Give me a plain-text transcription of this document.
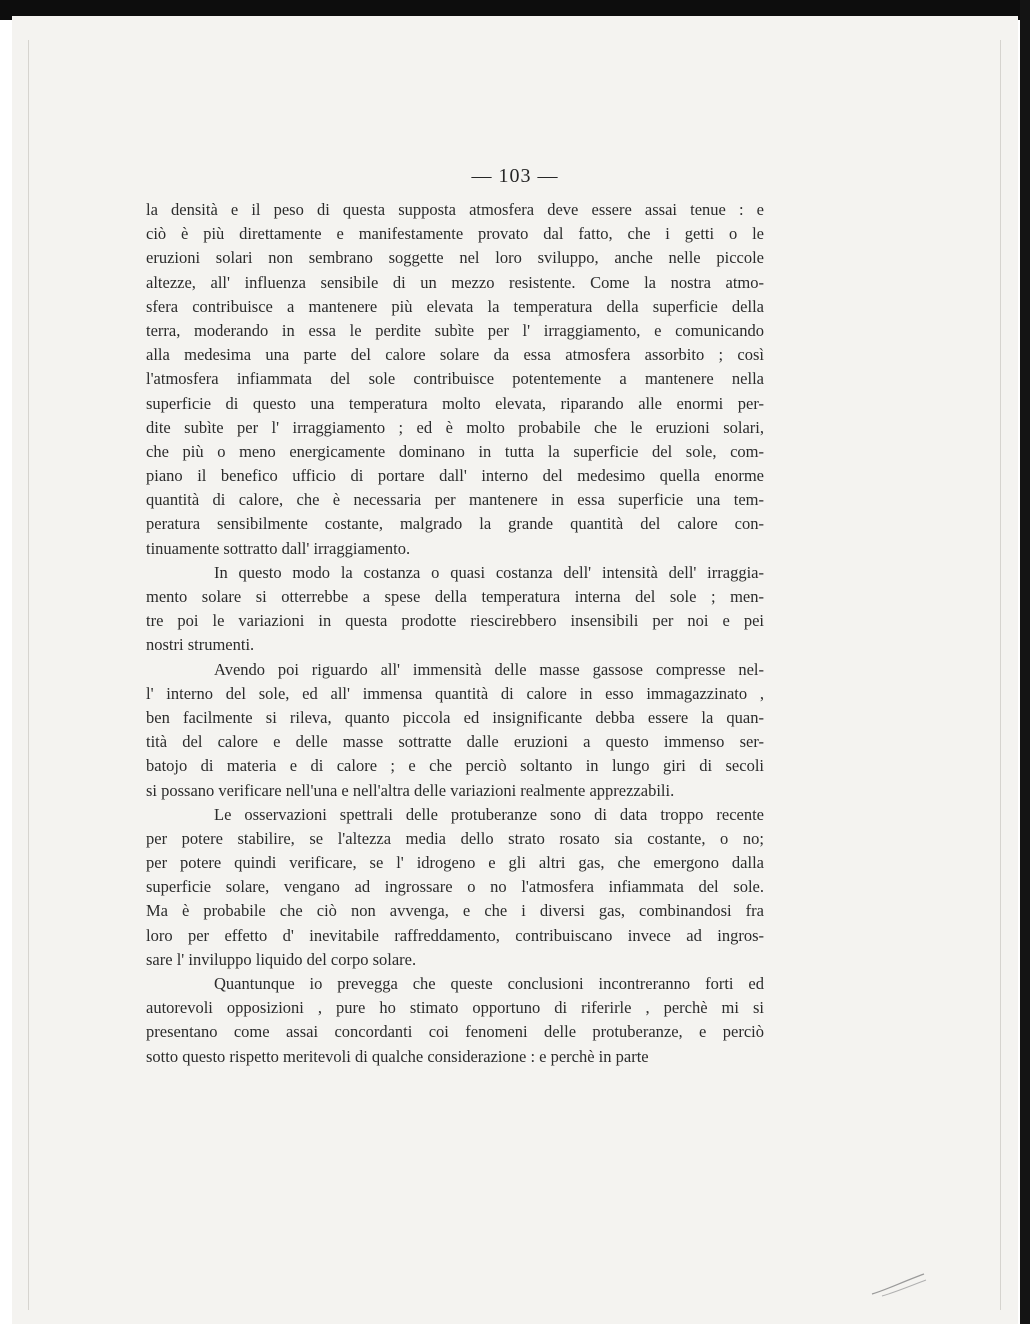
— 103 —
la densità e il peso di questa supposta atmosfera deve essere assai tenue : e
ciò è più direttamente e manifestamente provato dal fatto, che i getti o le
eruzioni solari non sembrano soggette nel loro sviluppo, anche nelle piccole
altezze, all' influenza sensibile di un mezzo resistente. Come la nostra atmo-
sfera contribuisce a mantenere più elevata la temperatura della superficie della
terra, moderando in essa le perdite subìte per l' irraggiamento, e comunicando
alla medesima una parte del calore solare da essa atmosfera assorbito ; così
l'atmosfera infiammata del sole contribuisce potentemente a mantenere nella
superficie di questo una temperatura molto elevata, riparando alle enormi per-
dite subìte per l' irraggiamento ; ed è molto probabile che le eruzioni solari,
che più o meno energicamente dominano in tutta la superficie del sole, com-
piano il benefico ufficio di portare dall' interno del medesimo quella enorme
quantità di calore, che è necessaria per mantenere in essa superficie una tem-
peratura sensibilmente costante, malgrado la grande quantità del calore con-
tinuamente sottratto dall' irraggiamento.
In questo modo la costanza o quasi costanza dell' intensità dell' irraggia-
mento solare si otterrebbe a spese della temperatura interna del sole ; men-
tre poi le variazioni in questa prodotte riescirebbero insensibili per noi e pei
nostri strumenti.
Avendo poi riguardo all' immensità delle masse gassose compresse nel-
l' interno del sole, ed all' immensa quantità di calore in esso immagazzinato ,
ben facilmente si rileva, quanto piccola ed insignificante debba essere la quan-
tità del calore e delle masse sottratte dalle eruzioni a questo immenso ser-
batojo di materia e di calore ; e che perciò soltanto in lungo giri di secoli
si possano verificare nell'una e nell'altra delle variazioni realmente apprezzabili.
Le osservazioni spettrali delle protuberanze sono di data troppo recente
per potere stabilire, se l'altezza media dello strato rosato sia costante, o no;
per potere quindi verificare, se l' idrogeno e gli altri gas, che emergono dalla
superficie solare, vengano ad ingrossare o no l'atmosfera infiammata del sole.
Ma è probabile che ciò non avvenga, e che i diversi gas, combinandosi fra
loro per effetto d' inevitabile raffreddamento, contribuiscano invece ad ingros-
sare l' inviluppo liquido del corpo solare.
Quantunque io prevegga che queste conclusioni incontreranno forti ed
autorevoli opposizioni , pure ho stimato opportuno di riferirle , perchè mi si
presentano come assai concordanti coi fenomeni delle protuberanze, e perciò
sotto questo rispetto meritevoli di qualche considerazione : e perchè in parte
